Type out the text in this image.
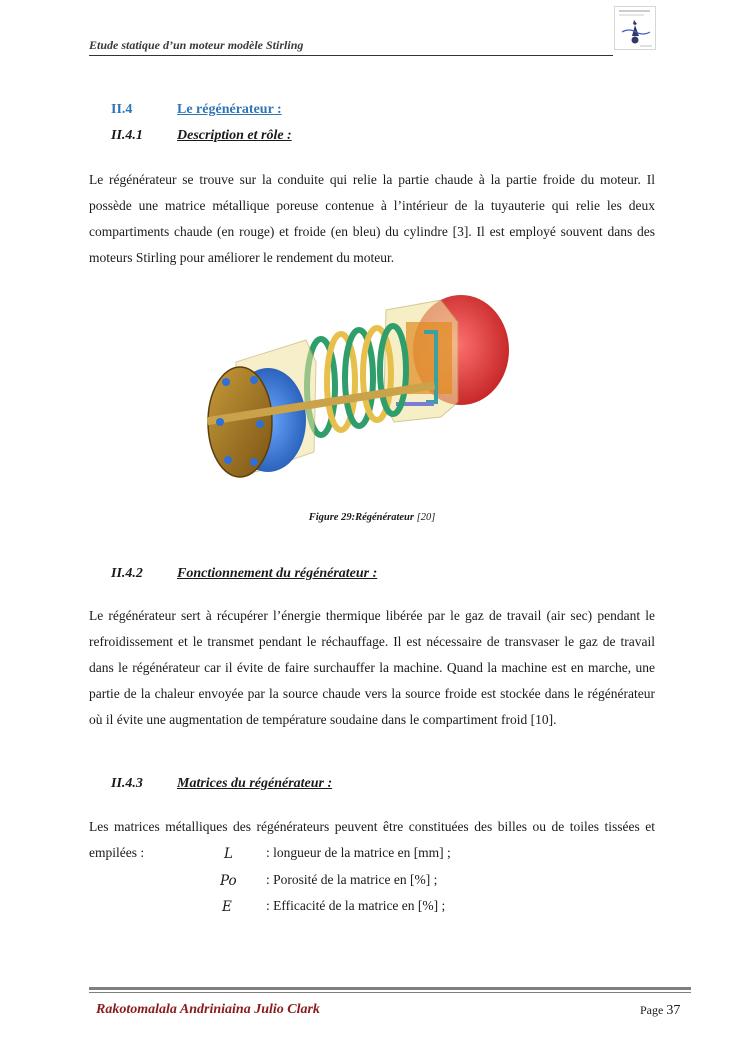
Etude statique d’un moteur modèle Stirling
II.4	Le régénérateur :
II.4.1 Description et rôle :

Le régénérateur se trouve sur la conduite qui relie la partie chaude à la partie froide du moteur. Il possède une matrice métallique poreuse contenue à l’intérieur de la tuyauterie qui relie les deux compartiments chaude (en rouge) et froide (en bleu) du cylindre [3]. Il est employé souvent dans des moteurs Stirling pour améliorer le rendement du moteur.

Figure 29:Régénérateur [20]
II.4.2 Fonctionnement du régénérateur :

Le régénérateur sert à récupérer l’énergie thermique libérée par le gaz de travail (air sec) pendant le refroidissement et le transmet pendant le réchauffage. Il est nécessaire de transvaser le gaz de travail dans le régénérateur car il évite de faire surchauffer la machine. Quand la machine est en marche, une partie de la chaleur envoyée par la source chaude vers la source froide est stockée dans le régénérateur où il évite une augmentation de température soudaine dans le compartiment froid [10].

II.4.3 Matrices du régénérateur :

Les matrices métalliques des régénérateurs peuvent être constituées des billes ou de toiles tissées et empilées :	L : longueur de la matrice en [mm] ;
Po : Porosité de la matrice en [%] ;
E	: Efficacité de la matrice en [%] ;
Rakotomalala Andriniaina Julio Clark	Page 37
